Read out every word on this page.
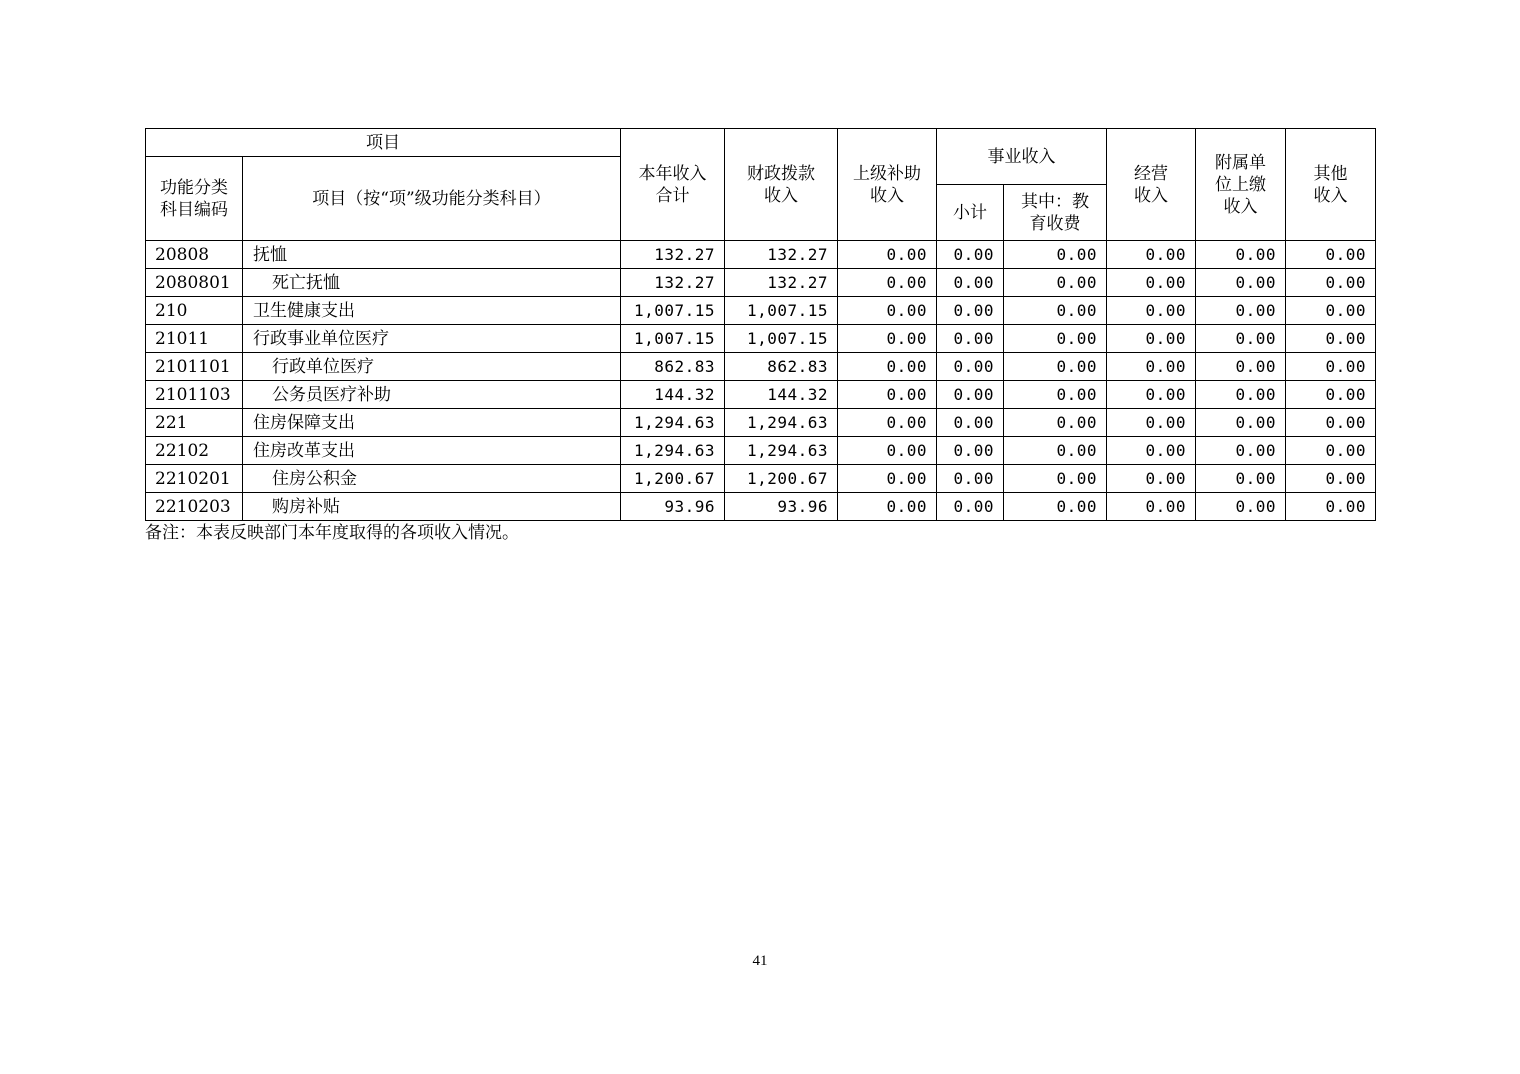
项目		本年收入合计	财政拨款收入	上级补助收入	事业收入		经营收入	附属单位上缴收入	其他收入

功能分类科目编码	项目（按“项”级功能分类科目）								
					小计	其中：教育收费			

20808	抚恤	132.27	132.27	0.00	0.00	0.00	0.00	0.00	0.00
2080801	死亡抚恤	132.27	132.27	0.00	0.00	0.00	0.00	0.00	0.00
210	卫生健康支出	1,007.15	1,007.15	0.00	0.00	0.00	0.00	0.00	0.00
21011	行政事业单位医疗	1,007.15	1,007.15	0.00	0.00	0.00	0.00	0.00	0.00
2101101	行政单位医疗	862.83	862.83	0.00	0.00	0.00	0.00	0.00	0.00
2101103	公务员医疗补助	144.32	144.32	0.00	0.00	0.00	0.00	0.00	0.00
221	住房保障支出	1,294.63	1,294.63	0.00	0.00	0.00	0.00	0.00	0.00
22102	住房改革支出	1,294.63	1,294.63	0.00	0.00	0.00	0.00	0.00	0.00
2210201	住房公积金	1,200.67	1,200.67	0.00	0.00	0.00	0.00	0.00	0.00
2210203	购房补贴	93.96	93.96	0.00	0.00	0.00	0.00	0.00	0.00
备注：本表反映部门本年度取得的各项收入情况。
41
